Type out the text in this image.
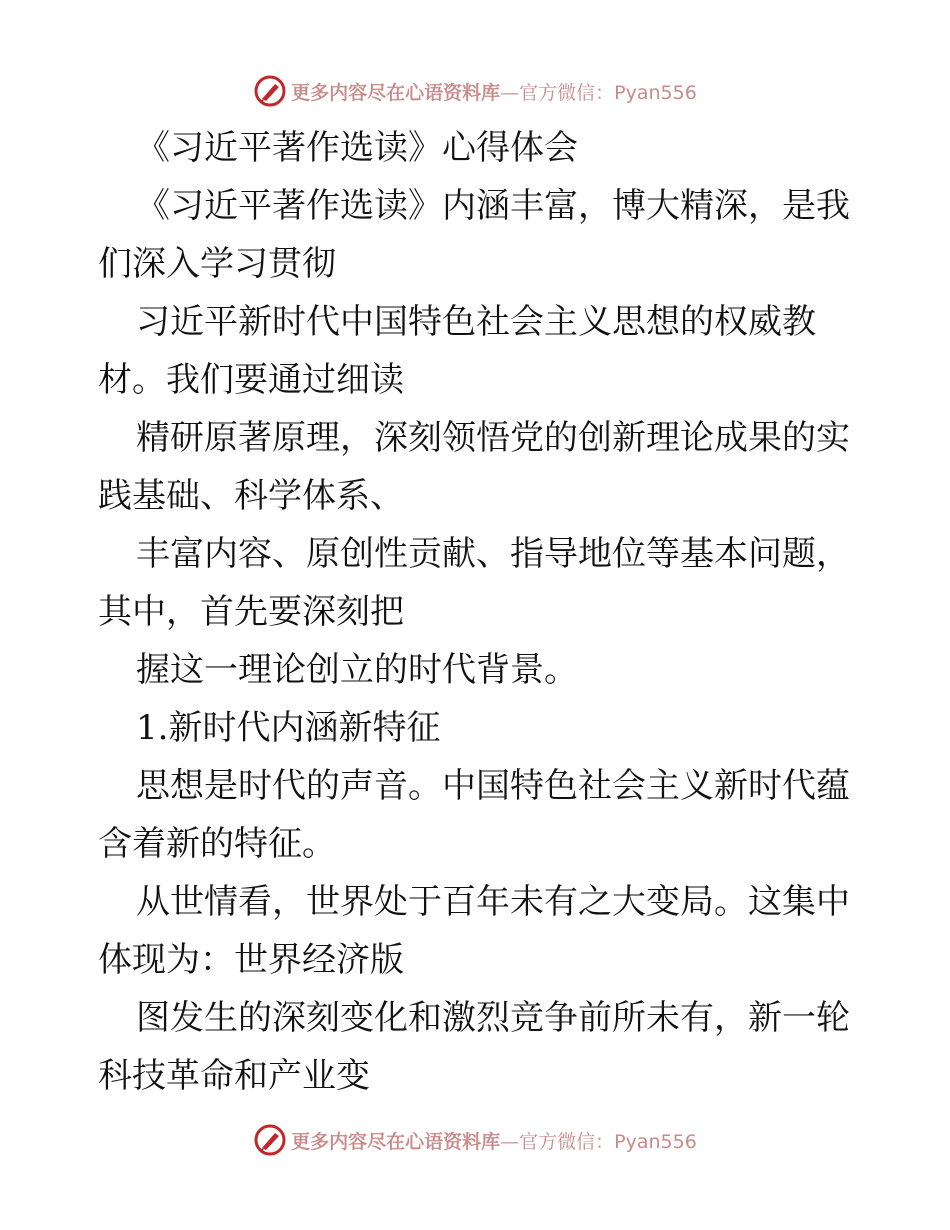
更多内容尽在心语资料库—官方微信：Pyan556

《习近平著作选读》心得体会

《习近平著作选读》内涵丰富，博大精深，是我

们深入学习贯彻

习近平新时代中国特色社会主义思想的权威教

材。我们要通过细读

精研原著原理，深刻领悟党的创新理论成果的实

践基础、科学体系、

丰富内容、原创性贡献、指导地位等基本问题，

其中，首先要深刻把

握这一理论创立的时代背景。

1.新时代内涵新特征

思想是时代的声音。中国特色社会主义新时代蕴

含着新的特征。

从世情看，世界处于百年未有之大变局。这集中

体现为：世界经济版

图发生的深刻变化和激烈竞争前所未有，新一轮

科技革命和产业变

更多内容尽在心语资料库—官方微信：Pyan556
